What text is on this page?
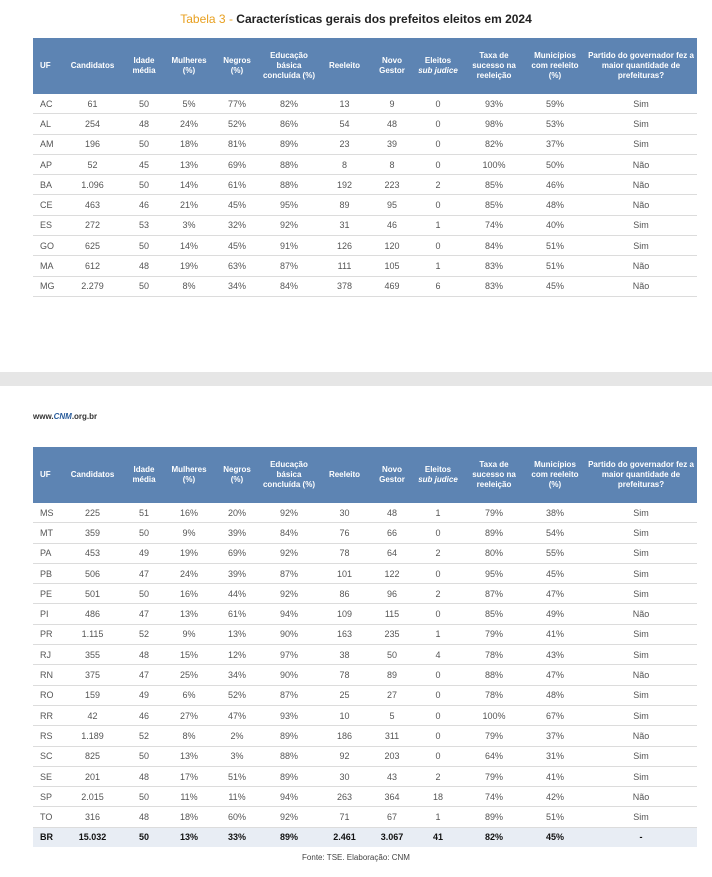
Tabela 3 - Características gerais dos prefeitos eleitos em 2024
UF	Candidatos	Idade média	Mulheres (%)	Negros (%)	Educação básica concluída (%)	Reeleito	Novo Gestor	Eleitos
sub judice	Taxa de sucesso na reeleição	Municípios com reeleito (%)	Partido do governador fez a maior quantidade de prefeituras?
AC	61	50	5%	77%	82%	13	9	0	93%	59%	Sim
AL	254	48	24%	52%	86%	54	48	0	98%	53%	Sim
AM	196	50	18%	81%	89%	23	39	0	82%	37%	Sim
AP	52	45	13%	69%	88%	8	8	0	100%	50%	Não
BA	1.096	50	14%	61%	88%	192	223	2	85%	46%	Não
CE	463	46	21%	45%	95%	89	95	0	85%	48%	Não
ES	272	53	3%	32%	92%	31	46	1	74%	40%	Sim
GO	625	50	14%	45%	91%	126	120	0	84%	51%	Sim
MA	612	48	19%	63%	87%	111	105	1	83%	51%	Não
MG	2.279	50	8%	34%	84%	378	469	6	83%	45%	Não
www.CNM.org.br
UF	Candidatos	Idade média	Mulheres (%)	Negros (%)	Educação básica concluída (%)	Reeleito	Novo Gestor	Eleitos
sub judice	Taxa de sucesso na reeleição	Municípios com reeleito (%)	Partido do governador fez a maior quantidade de prefeituras?
MS	225	51	16%	20%	92%	30	48	1	79%	38%	Sim
MT	359	50	9%	39%	84%	76	66	0	89%	54%	Sim
PA	453	49	19%	69%	92%	78	64	2	80%	55%	Sim
PB	506	47	24%	39%	87%	101	122	0	95%	45%	Sim
PE	501	50	16%	44%	92%	86	96	2	87%	47%	Sim
PI	486	47	13%	61%	94%	109	115	0	85%	49%	Não
PR	1.115	52	9%	13%	90%	163	235	1	79%	41%	Sim
RJ	355	48	15%	12%	97%	38	50	4	78%	43%	Sim
RN	375	47	25%	34%	90%	78	89	0	88%	47%	Não
RO	159	49	6%	52%	87%	25	27	0	78%	48%	Sim
RR	42	46	27%	47%	93%	10	5	0	100%	67%	Sim
RS	1.189	52	8%	2%	89%	186	311	0	79%	37%	Não
SC	825	50	13%	3%	88%	92	203	0	64%	31%	Sim
SE	201	48	17%	51%	89%	30	43	2	79%	41%	Sim
SP	2.015	50	11%	11%	94%	263	364	18	74%	42%	Não
TO	316	48	18%	60%	92%	71	67	1	89%	51%	Sim
BR	15.032	50	13%	33%	89%	2.461	3.067	41	82%	45%	-
Fonte: TSE. Elaboração: CNM
